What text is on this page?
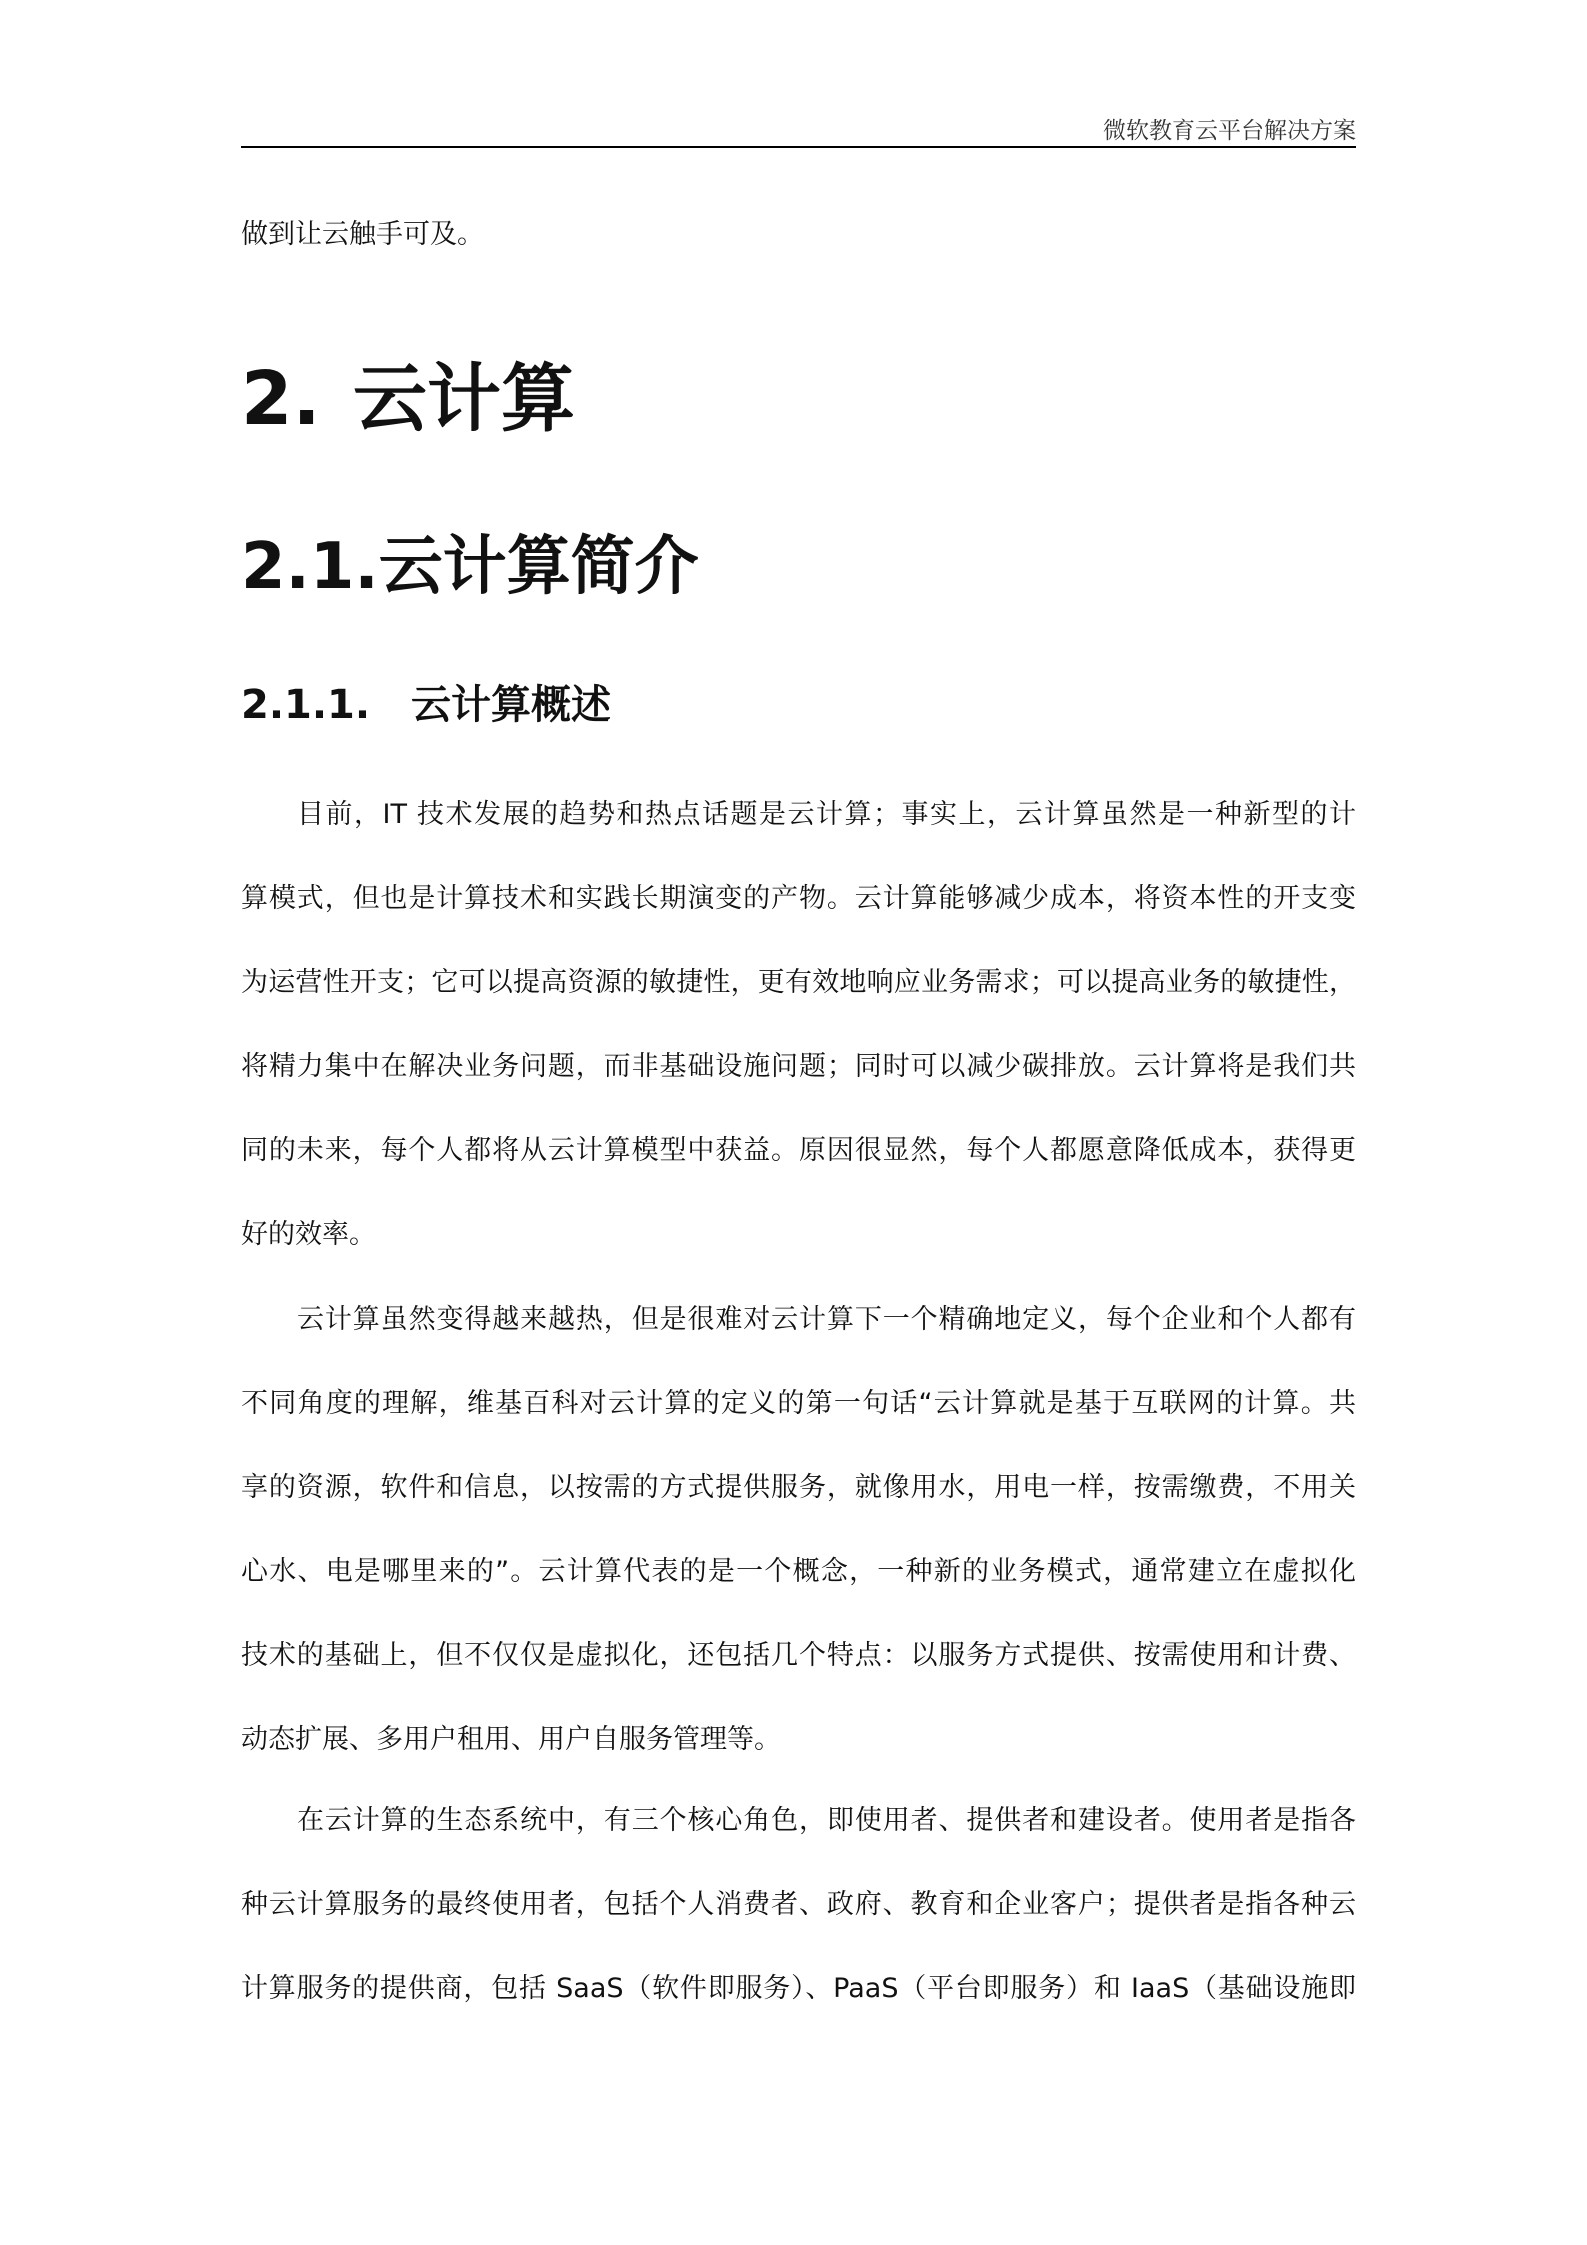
微软教育云平台解决方案
做到让云触手可及。
2. 云计算
2.1.云计算简介
2.1.1. 云计算概述
目前，IT 技术发展的趋势和热点话题是云计算；事实上，云计算虽然是一种新型的计
算模式，但也是计算技术和实践长期演变的产物。云计算能够减少成本，将资本性的开支变
为运营性开支；它可以提高资源的敏捷性，更有效地响应业务需求；可以提高业务的敏捷性，
将精力集中在解决业务问题，而非基础设施问题；同时可以减少碳排放。云计算将是我们共
同的未来，每个人都将从云计算模型中获益。原因很显然，每个人都愿意降低成本，获得更
好的效率。
云计算虽然变得越来越热，但是很难对云计算下一个精确地定义，每个企业和个人都有
不同角度的理解，维基百科对云计算的定义的第一句话“云计算就是基于互联网的计算。共
享的资源，软件和信息，以按需的方式提供服务，就像用水，用电一样，按需缴费，不用关
心水、电是哪里来的”。云计算代表的是一个概念，一种新的业务模式，通常建立在虚拟化
技术的基础上，但不仅仅是虚拟化，还包括几个特点：以服务方式提供、按需使用和计费、
动态扩展、多用户租用、用户自服务管理等。
在云计算的生态系统中，有三个核心角色，即使用者、提供者和建设者。使用者是指各
种云计算服务的最终使用者，包括个人消费者、政府、教育和企业客户；提供者是指各种云
计算服务的提供商，包括 SaaS（软件即服务）、PaaS（平台即服务）和 IaaS（基础设施即
